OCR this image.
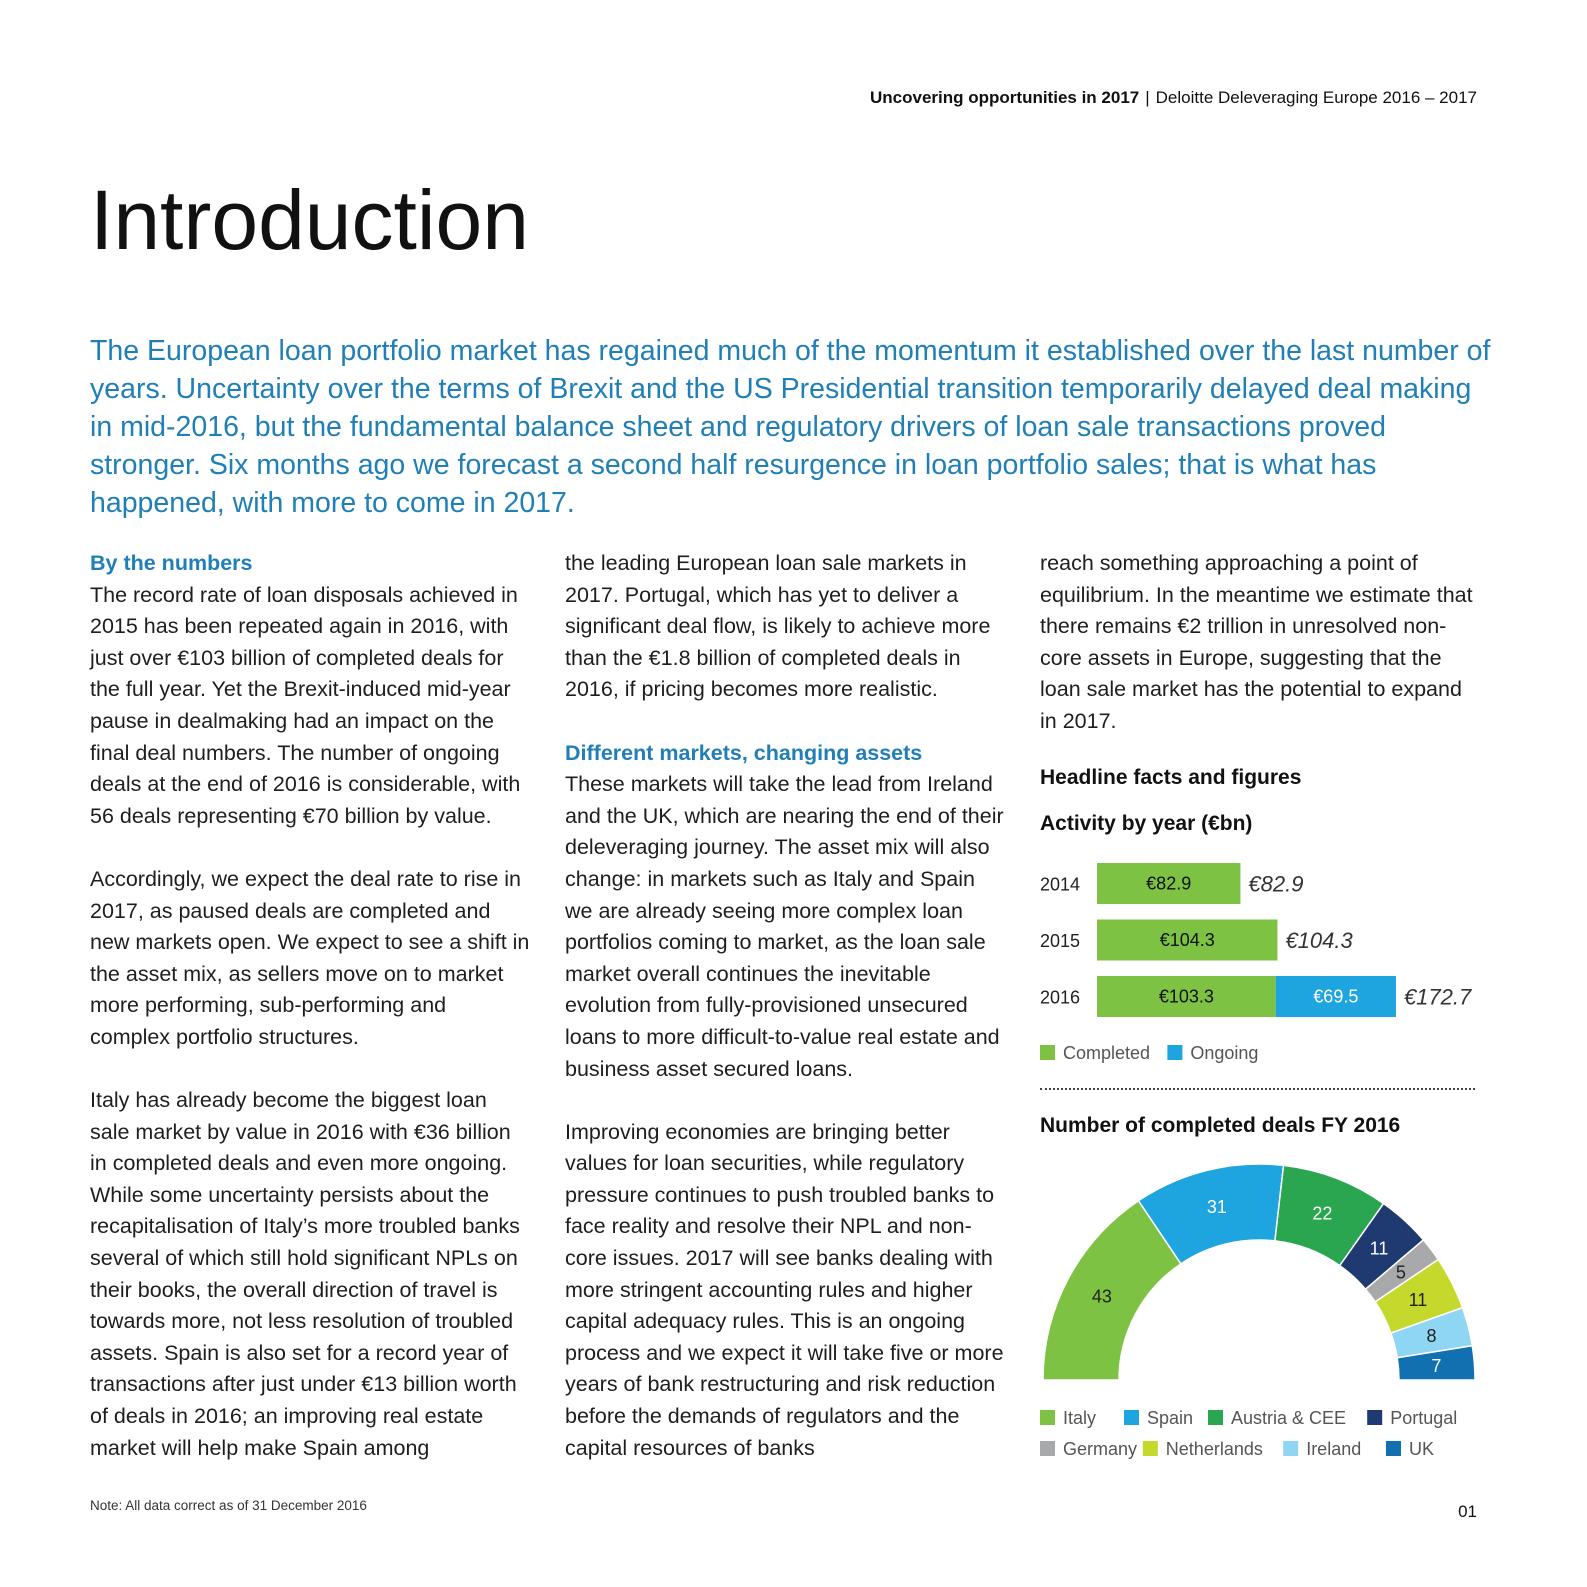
Uncovering opportunities in 2017 | Deloitte Deleveraging Europe 2016 – 2017
Introduction

The European loan portfolio market has regained much of the momentum it established over the last number of years. Uncertainty over the terms of Brexit and the US Presidential transition temporarily delayed deal making in mid-2016, but the fundamental balance sheet and regulatory drivers of loan sale transactions proved stronger. Six months ago we forecast a second half resurgence in loan portfolio sales; that is what has happened, with more to come in 2017.

By the numbers

The record rate of loan disposals achieved in 2015 has been repeated again in 2016, with just over €103 billion of completed deals for the full year. Yet the Brexit-induced mid-year pause in dealmaking had an impact on the final deal numbers. The number of ongoing deals at the end of 2016 is considerable, with 56 deals representing €70 billion by value.

Accordingly, we expect the deal rate to rise in 2017, as paused deals are completed and new markets open. We expect to see a shift in the asset mix, as sellers move on to market more performing, sub-performing and complex portfolio structures.

Italy has already become the biggest loan sale market by value in 2016 with €36 billion in completed deals and even more ongoing. While some uncertainty persists about the recapitalisation of Italy’s more troubled banks several of which still hold significant NPLs on their books, the overall direction of travel is towards more, not less resolution of troubled assets. Spain is also set for a record year of transactions after just under €13 billion worth of deals in 2016; an improving real estate market will help make Spain among

the leading European loan sale markets in 2017. Portugal, which has yet to deliver a significant deal flow, is likely to achieve more than the €1.8 billion of completed deals in 2016, if pricing becomes more realistic.

Different markets, changing assets

These markets will take the lead from Ireland and the UK, which are nearing the end of their deleveraging journey. The asset mix will also change: in markets such as Italy and Spain we are already seeing more complex loan portfolios coming to market, as the loan sale market overall continues the inevitable evolution from fully-provisioned unsecured loans to more difficult-to-value real estate and business asset secured loans.

Improving economies are bringing better values for loan securities, while regulatory pressure continues to push troubled banks to face reality and resolve their NPL and non-core issues. 2017 will see banks dealing with more stringent accounting rules and higher capital adequacy rules. This is an ongoing process and we expect it will take five or more years of bank restructuring and risk reduction before the demands of regulators and the capital resources of banks

reach something approaching a point of equilibrium. In the meantime we estimate that there remains €2 trillion in unresolved non-core assets in Europe, suggesting that the loan sale market has the potential to expand in 2017.

Headline facts and figures
Activity by year (€bn)
2014	€82.9	€82.9
2015	€104.3	€104.3
2016	€103.3	€69.5 €172.7
Completed Ongoing
Number of completed deals FY 2016
43
31	22
11
5
11
8
7
Italy	Spain Austria & CEE Portugal
Germany Netherlands Ireland	UK
Note: All data correct as of 31 December 2016	01
